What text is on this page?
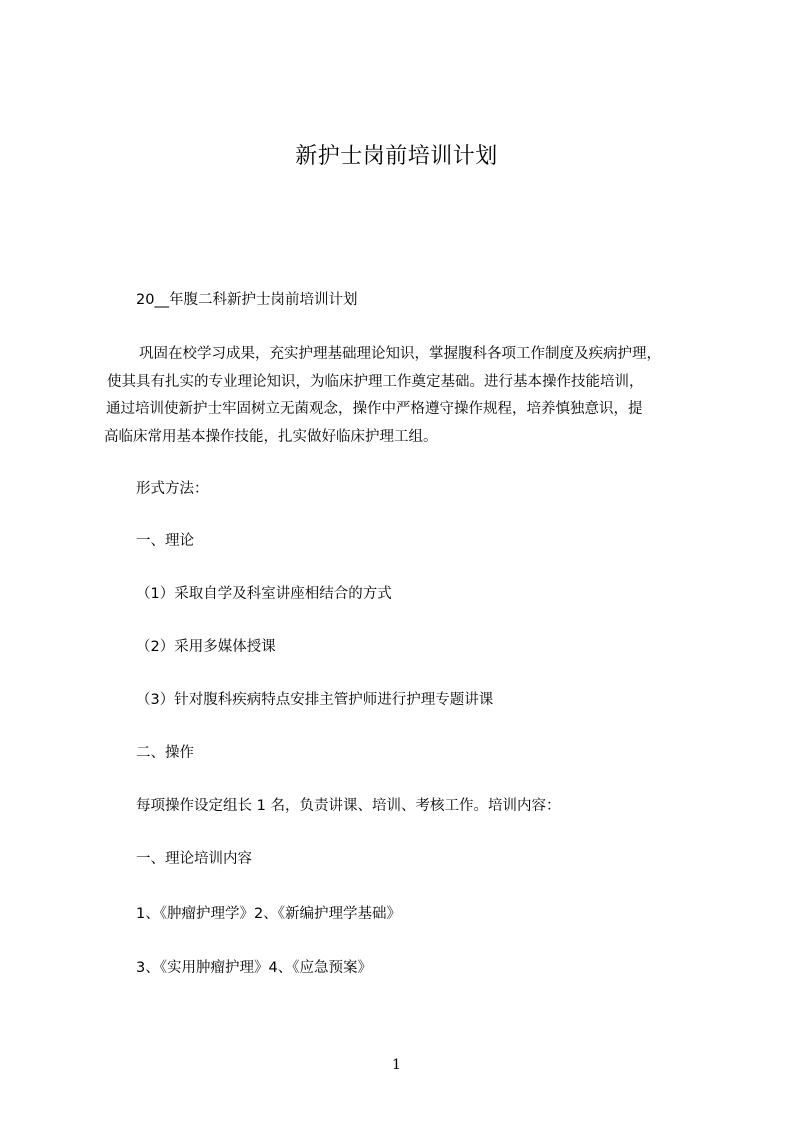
新护士岗前培训计划

20__年腹二科新护士岗前培训计划

巩固在校学习成果，充实护理基础理论知识，掌握腹科各项工作制度及疾病护理，
使其具有扎实的专业理论知识，为临床护理工作奠定基础。进行基本操作技能培训，
通过培训使新护士牢固树立无菌观念，操作中严格遵守操作规程，培养慎独意识，提
高临床常用基本操作技能，扎实做好临床护理工组。

形式方法：

一、理论

（1）采取自学及科室讲座相结合的方式

（2）采用多媒体授课

（3）针对腹科疾病特点安排主管护师进行护理专题讲课

二、操作

每项操作设定组长 1 名，负责讲课、培训、考核工作。培训内容：

一、理论培训内容

1、《肿瘤护理学》2、《新编护理学基础》

3、《实用肿瘤护理》4、《应急预案》

1
